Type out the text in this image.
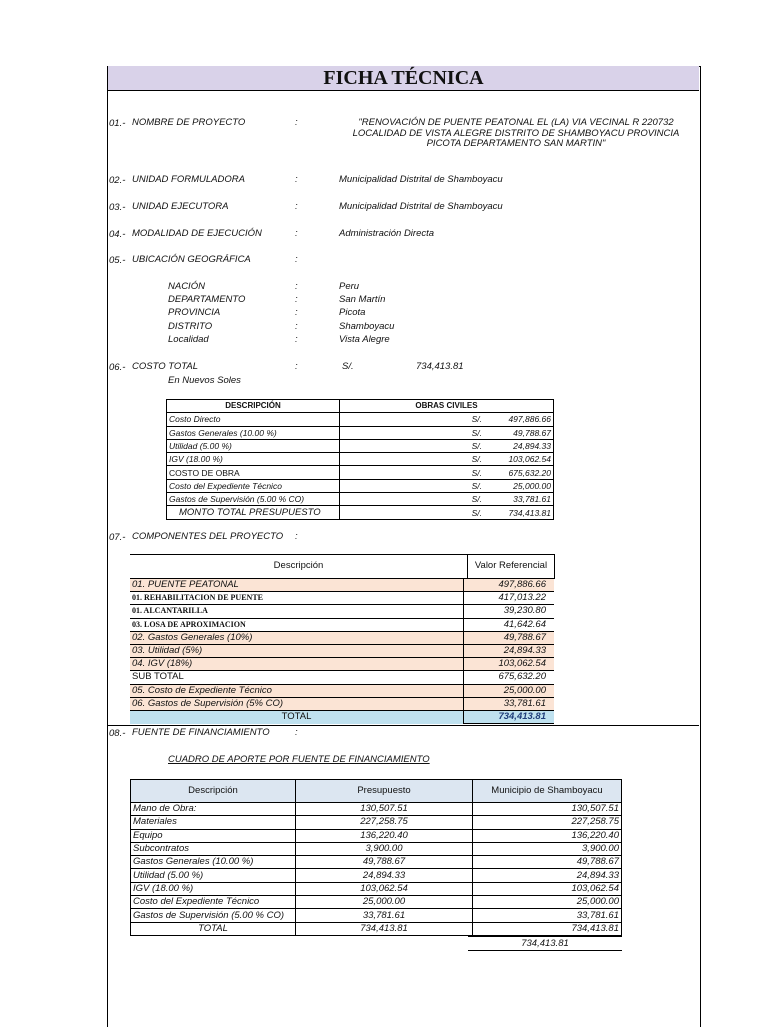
FICHA TÉCNICA
01.- NOMBRE DE PROYECTO	:	"RENOVACIÓN DE PUENTE PEATONAL EL (LA) VIA VECINAL R 220732
LOCALIDAD DE VISTA ALEGRE DISTRITO DE SHAMBOYACU PROVINCIA
PICOTA DEPARTAMENTO SAN MARTIN"
02.- UNIDAD FORMULADORA	:	Municipalidad Distrital de Shamboyacu
03.- UNIDAD EJECUTORA	:	Municipalidad Distrital de Shamboyacu
04.- MODALIDAD DE EJECUCIÓN	:	Administración Directa
05.- UBICACIÓN GEOGRÁFICA	:
NACIÓN	:	Peru
DEPARTAMENTO	:	San Martín
PROVINCIA	:	Picota
DISTRITO	:	Shamboyacu
Localidad	:	Vista Alegre
06.- COSTO TOTAL	:	S/.	734,413.81
En Nuevos Soles
DESCRIPCIÓN	OBRAS CIVILES	
Costo Directo	S/.	497,886.66
Gastos Generales (10.00 %)	S/.	49,788.67
Utilidad (5.00 %)	S/.	24,894.33
IGV (18.00 %)	S/.	103,062.54
COSTO DE OBRA	S/.	675,632.20
Costo del Expediente Técnico	S/.	25,000.00
Gastos de Supervisión (5.00 % CO)	S/.	33,781.61
MONTO TOTAL PRESUPUESTO	S/.	734,413.81
07.- COMPONENTES DEL PROYECTO :
Descripción	Valor Referencial
01. PUENTE PEATONAL	497,886.66
01. REHABILITACION DE PUENTE	417,013.22
01. ALCANTARILLA	39,230.80
03. LOSA DE APROXIMACION	41,642.64
02. Gastos Generales (10%)	49,788.67
03. Utilidad (5%)	24,894.33
04. IGV (18%)	103,062.54
SUB TOTAL	675,632.20
05. Costo de Expediente Técnico	25,000.00
06. Gastos de Supervisión (5% CO)	33,781.61
TOTAL	734,413.81
08.- FUENTE DE FINANCIAMIENTO	:
CUADRO DE APORTE POR FUENTE DE FINANCIAMIENTO
Descripción	Presupuesto	Municipio de Shamboyacu
Mano de Obra:	130,507.51	130,507.51
Materiales	227,258.75	227,258.75
Equipo	136,220.40	136,220.40
Subcontratos	3,900.00	3,900.00
Gastos Generales (10.00 %)	49,788.67	49,788.67
Utilidad (5.00 %)	24,894.33	24,894.33
IGV (18.00 %)	103,062.54	103,062.54
Costo del Expediente Técnico	25,000.00	25,000.00
Gastos de Supervisión (5.00 % CO)	33,781.61	33,781.61
TOTAL	734,413.81	734,413.81
734,413.81
